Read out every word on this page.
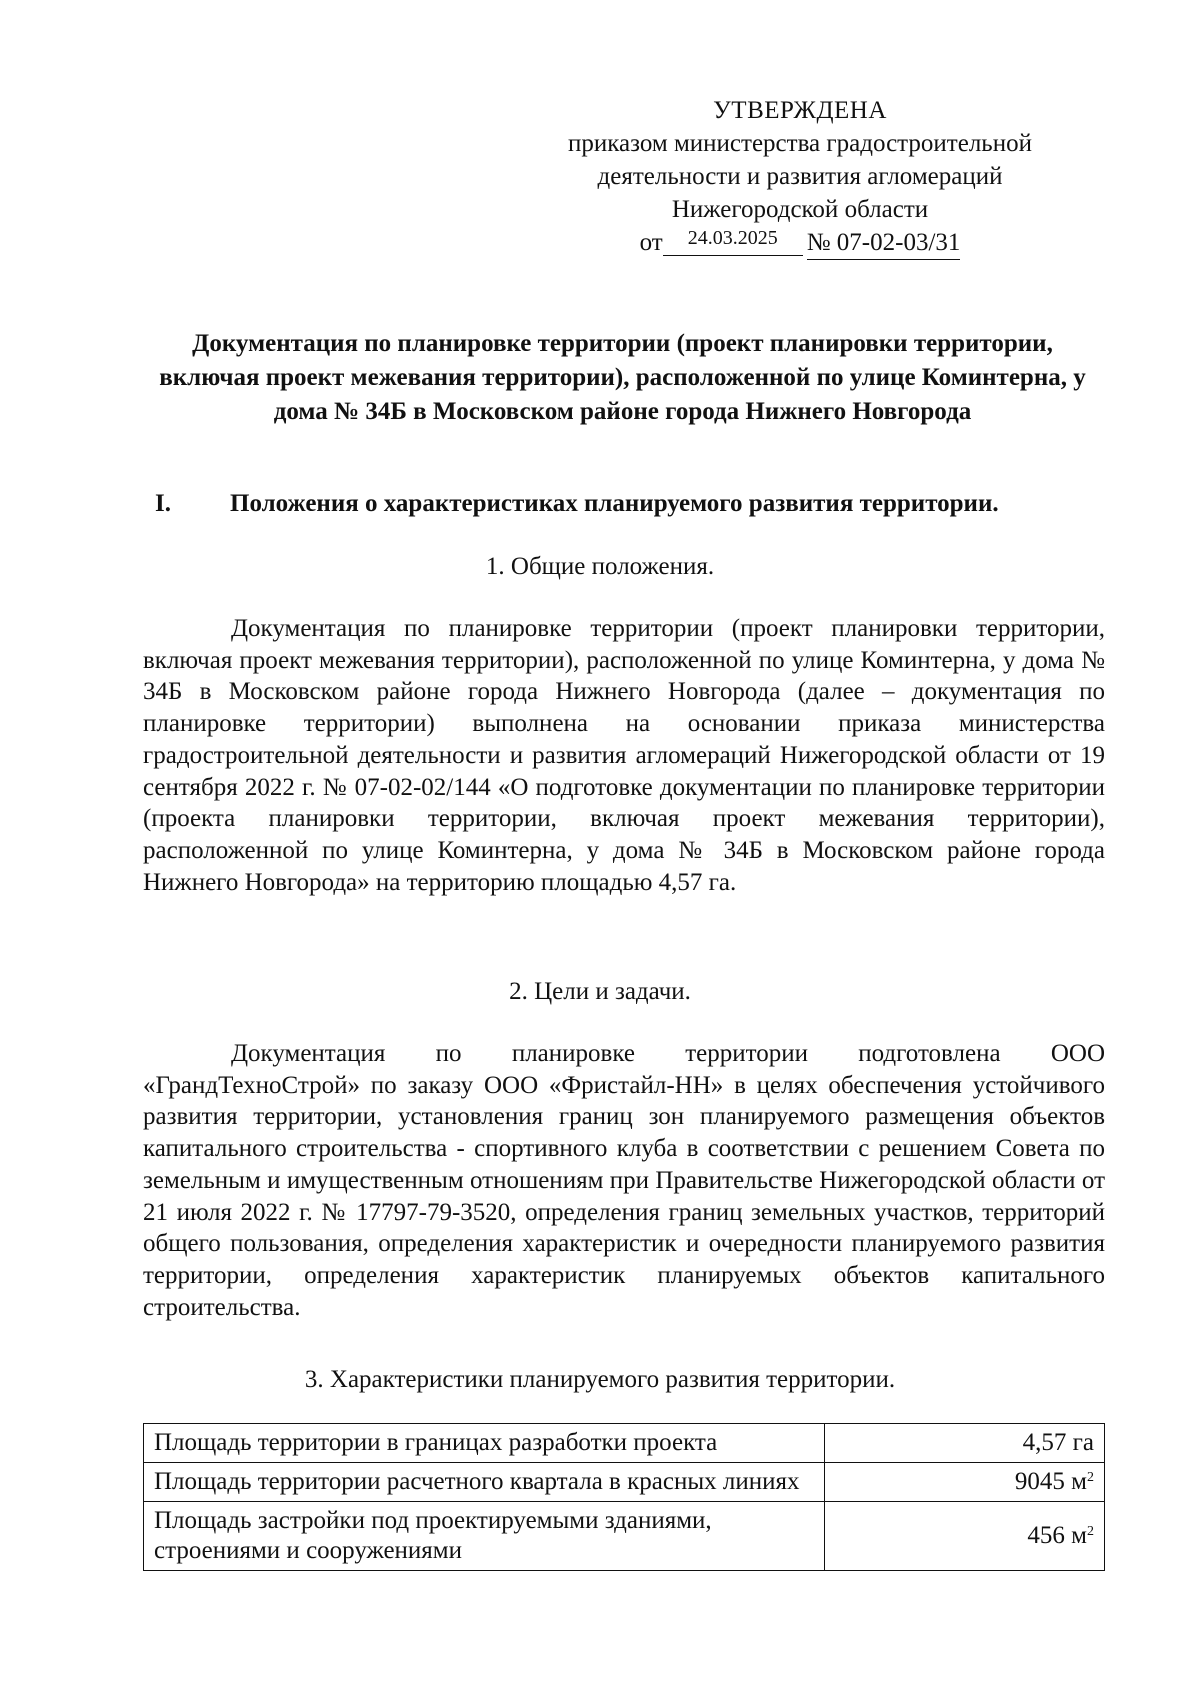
УТВЕРЖДЕНА
приказом министерства градостроительной
деятельности и развития агломераций
Нижегородской области
от 24.03.2025 № 07-02-03/31
Документация по планировке территории (проект планировки территории, включая проект межевания территории), расположенной по улице Коминтерна, у дома № 34Б в Московском районе города Нижнего Новгорода
I. Положения о характеристиках планируемого развития территории.
1. Общие положения.
Документация по планировке территории (проект планировки территории, включая проект межевания территории), расположенной по улице Коминтерна, у дома № 34Б в Московском районе города Нижнего Новгорода (далее – документация по планировке территории) выполнена на основании приказа министерства градостроительной деятельности и развития агломераций Нижегородской области от 19 сентября 2022 г. № 07-02-02/144 «О подготовке документации по планировке территории (проекта планировки территории, включая проект межевания территории), расположенной по улице Коминтерна, у дома № 34Б в Московском районе города Нижнего Новгорода» на территорию площадью 4,57 га.
2. Цели и задачи.
Документация по планировке территории подготовлена ООО «ГрандТехноСтрой» по заказу ООО «Фристайл-НН» в целях обеспечения устойчивого развития территории, установления границ зон планируемого размещения объектов капитального строительства - спортивного клуба в соответствии с решением Совета по земельным и имущественным отношениям при Правительстве Нижегородской области от 21 июля 2022 г. № 17797-79-3520, определения границ земельных участков, территорий общего пользования, определения характеристик и очередности планируемого развития территории, определения характеристик планируемых объектов капитального строительства.
3. Характеристики планируемого развития территории.
Площадь территории в границах разработки проекта	4,57 га
Площадь территории расчетного квартала в красных линиях	9045 $м^2$
Площадь застройки под проектируемыми зданиями, строениями и сооружениями	456 $м^2$
